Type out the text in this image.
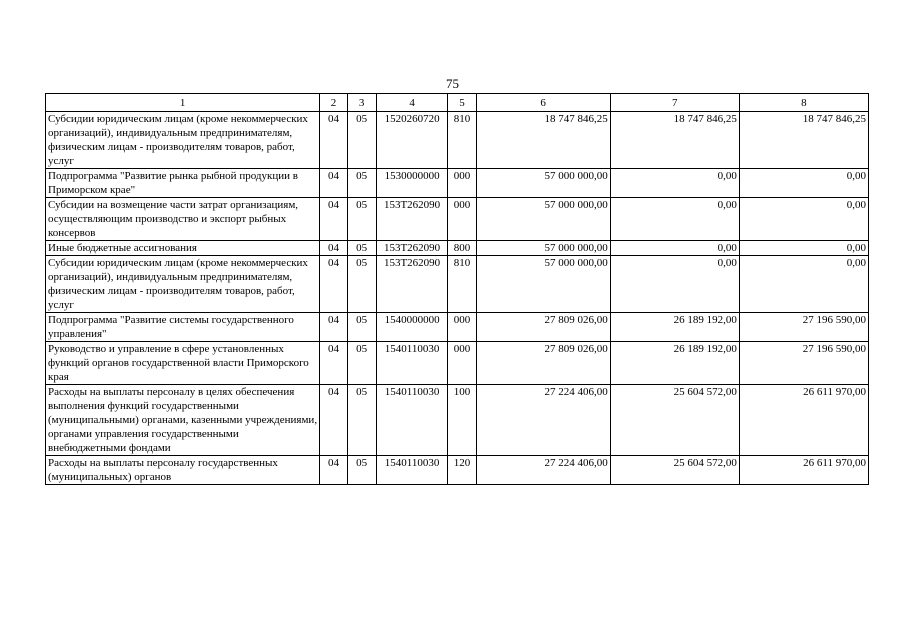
75
1	2	3	4	5	6	7	8
Субсидии юридическим лицам (кроме некоммерческих организаций), индивидуальным предпринимателям, физическим лицам - производителям товаров, работ, услуг	04	05	1520260720	810	18 747 846,25	18 747 846,25	18 747 846,25
Подпрограмма "Развитие рынка рыбной продукции в Приморском крае"	04	05	1530000000	000	57 000 000,00	0,00	0,00
Субсидии на возмещение части затрат организациям, осуществляющим производство и экспорт рыбных консервов	04	05	153Т262090	000	57 000 000,00	0,00	0,00
Иные бюджетные ассигнования	04	05	153Т262090	800	57 000 000,00	0,00	0,00
Субсидии юридическим лицам (кроме некоммерческих организаций), индивидуальным предпринимателям, физическим лицам - производителям товаров, работ, услуг	04	05	153Т262090	810	57 000 000,00	0,00	0,00
Подпрограмма "Развитие системы государственного управления"	04	05	1540000000	000	27 809 026,00	26 189 192,00	27 196 590,00
Руководство и управление в сфере установленных функций органов государственной власти Приморского края	04	05	1540110030	000	27 809 026,00	26 189 192,00	27 196 590,00
Расходы на выплаты персоналу в целях обеспечения выполнения функций государственными (муниципальными) органами, казенными учреждениями, органами управления государственными внебюджетными фондами	04	05	1540110030	100	27 224 406,00	25 604 572,00	26 611 970,00
Расходы на выплаты персоналу государственных (муниципальных) органов	04	05	1540110030	120	27 224 406,00	25 604 572,00	26 611 970,00
